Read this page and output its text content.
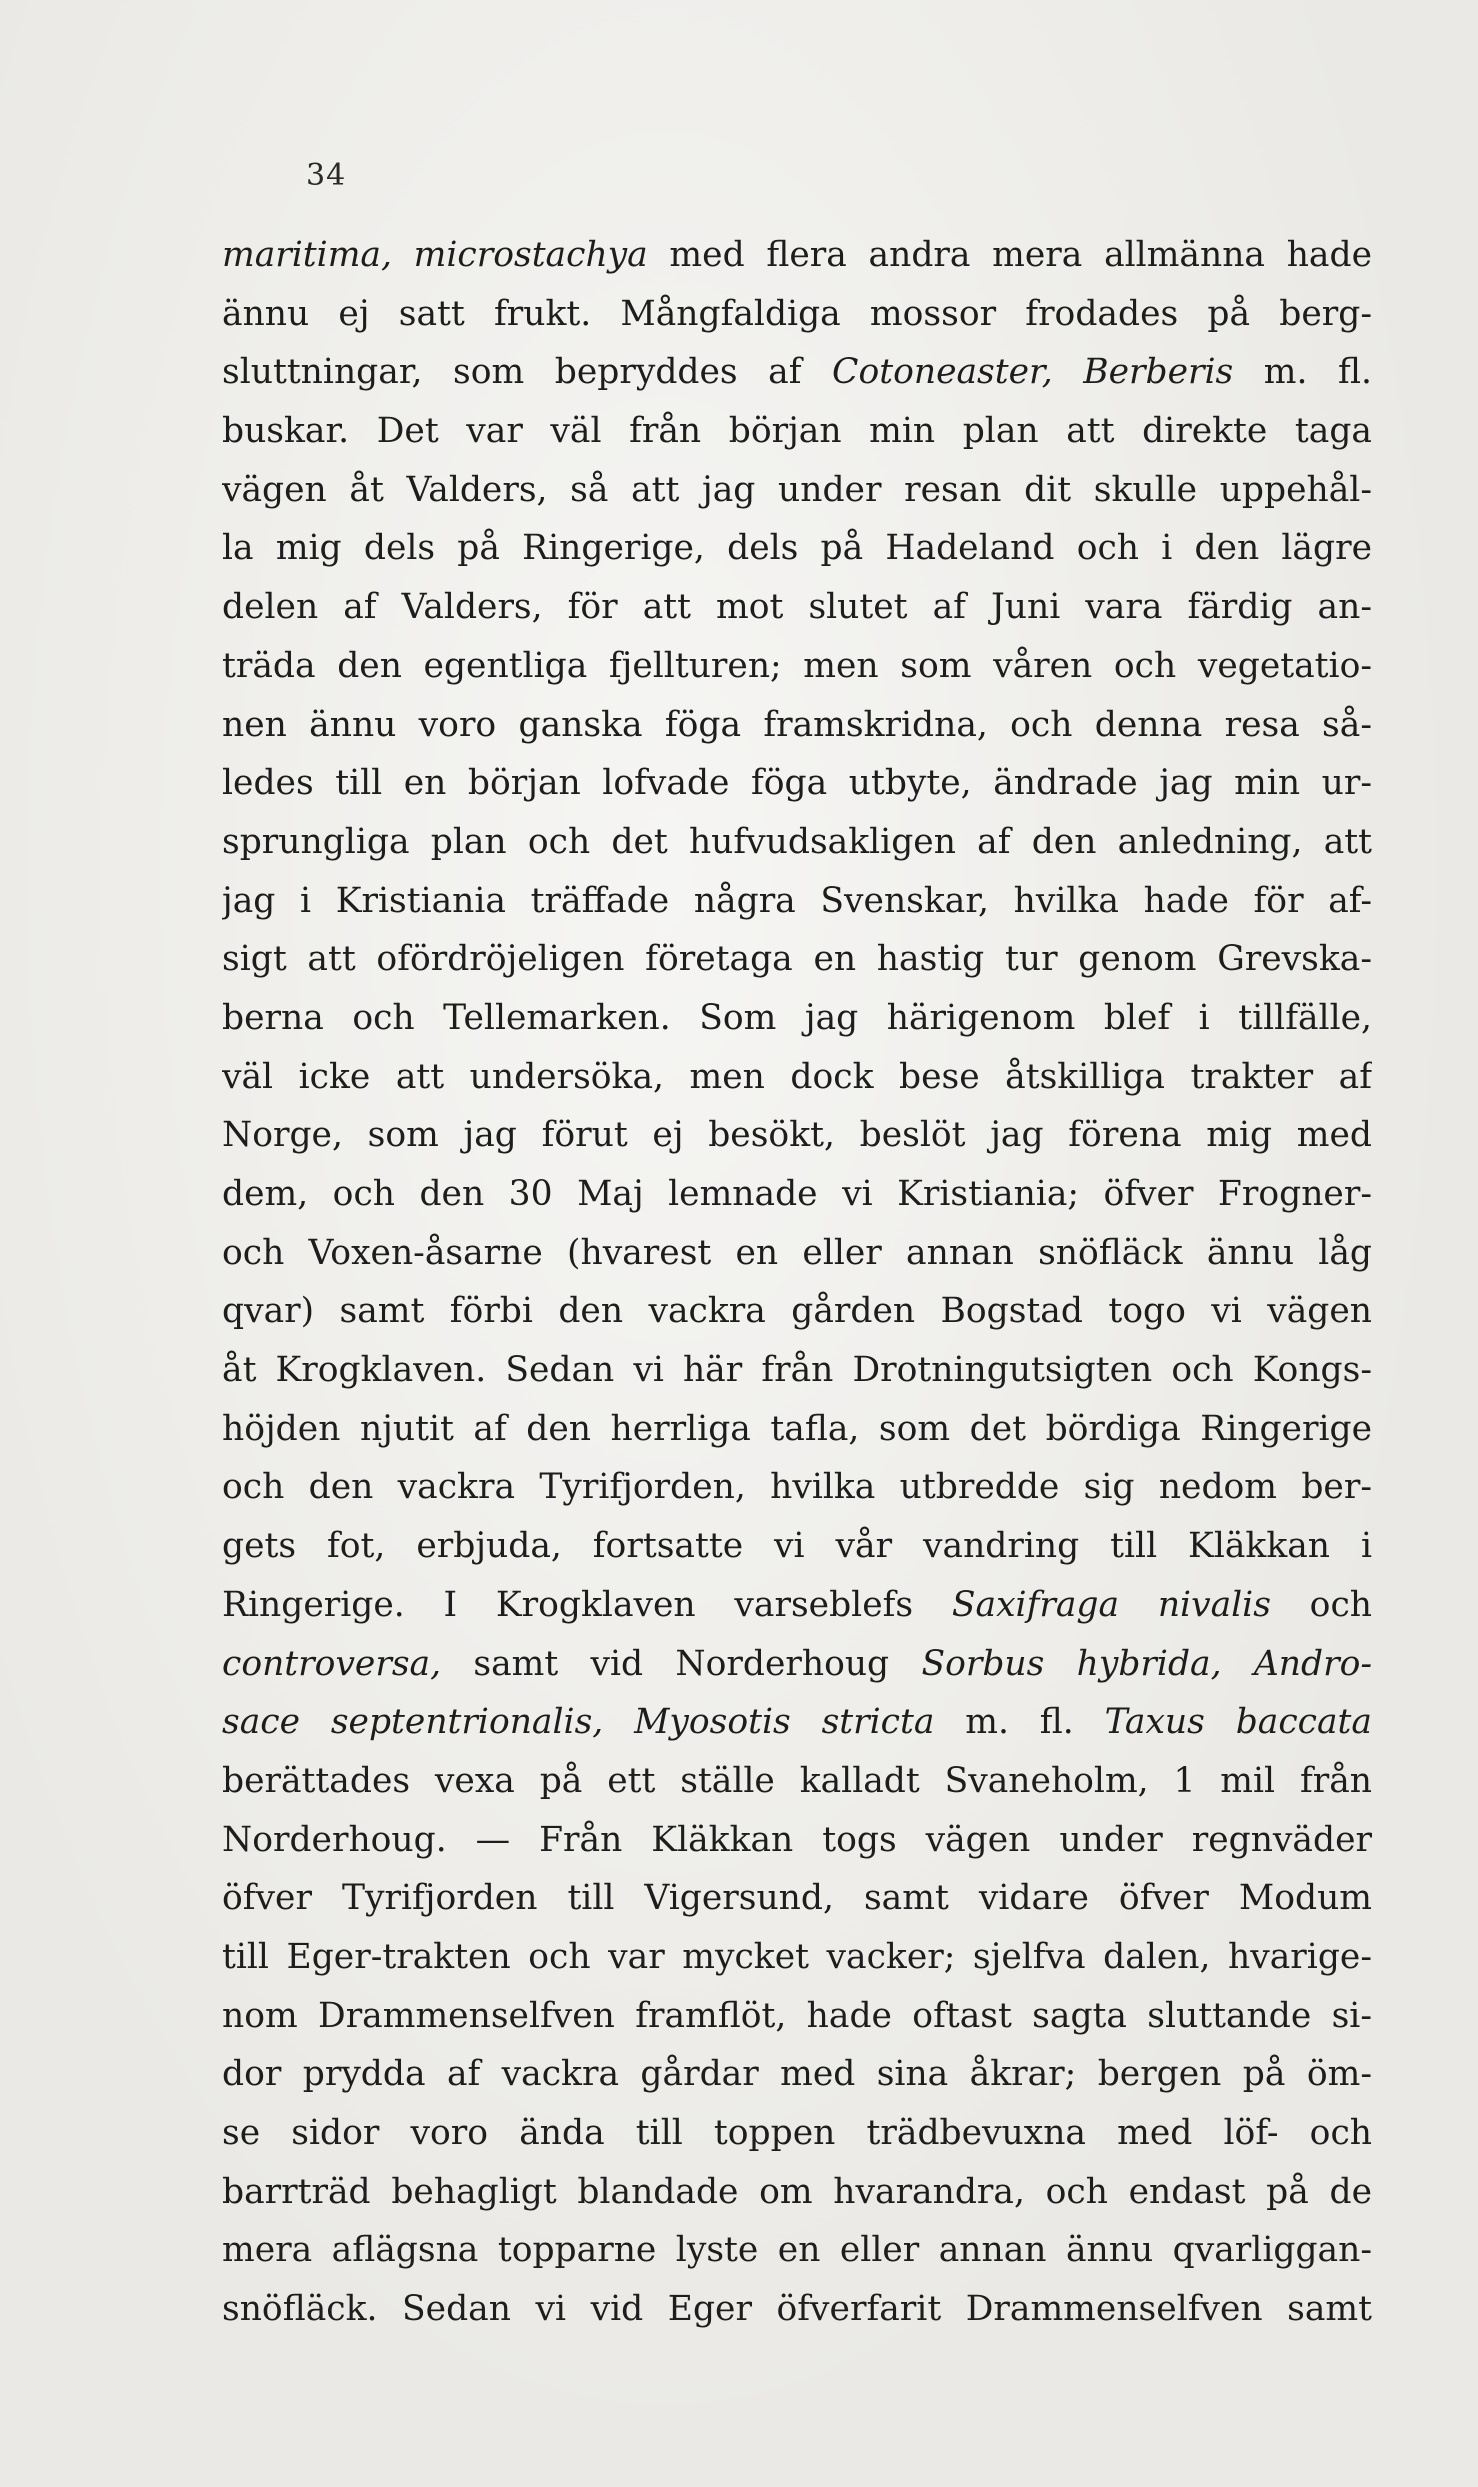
34
maritima, microstachya med flera andra mera allmänna hade
ännu ej satt frukt. Mångfaldiga mossor frodades på berg-
sluttningar, som bepryddes af Cotoneaster, Berberis m. fl.
buskar. Det var väl från början min plan att direkte taga
vägen åt Valders, så att jag under resan dit skulle uppehål-
la mig dels på Ringerige, dels på Hadeland och i den lägre
delen af Valders, för att mot slutet af Juni vara färdig an-
träda den egentliga fjellturen; men som våren och vegetatio-
nen ännu voro ganska föga framskridna, och denna resa så-
ledes till en början lofvade föga utbyte, ändrade jag min ur-
sprungliga plan och det hufvudsakligen af den anledning, att
jag i Kristiania träffade några Svenskar, hvilka hade för af-
sigt att ofördröjeligen företaga en hastig tur genom Grevska-
berna och Tellemarken. Som jag härigenom blef i tillfälle,
väl icke att undersöka, men dock bese åtskilliga trakter af
Norge, som jag förut ej besökt, beslöt jag förena mig med
dem, och den 30 Maj lemnade vi Kristiania; öfver Frogner-
och Voxen-åsarne (hvarest en eller annan snöfläck ännu låg
qvar) samt förbi den vackra gården Bogstad togo vi vägen
åt Krogklaven. Sedan vi här från Drotningutsigten och Kongs-
höjden njutit af den herrliga tafla, som det bördiga Ringerige
och den vackra Tyrifjorden, hvilka utbredde sig nedom ber-
gets fot, erbjuda, fortsatte vi vår vandring till Kläkkan i
Ringerige. I Krogklaven varseblefs Saxifraga nivalis och
controversa, samt vid Norderhoug Sorbus hybrida, Andro-
sace septentrionalis, Myosotis stricta m. fl. Taxus baccata
berättades vexa på ett ställe kalladt Svaneholm, 1 mil från
Norderhoug. — Från Kläkkan togs vägen under regnväder
öfver Tyrifjorden till Vigersund, samt vidare öfver Modum
till Eger-trakten och var mycket vacker; sjelfva dalen, hvarige-
nom Drammenselfven framflöt, hade oftast sagta sluttande si-
dor prydda af vackra gårdar med sina åkrar; bergen på öm-
se sidor voro ända till toppen trädbevuxna med löf- och
barrträd behagligt blandade om hvarandra, och endast på de
mera aflägsna topparne lyste en eller annan ännu qvarliggan-
snöfläck. Sedan vi vid Eger öfverfarit Drammenselfven samt
